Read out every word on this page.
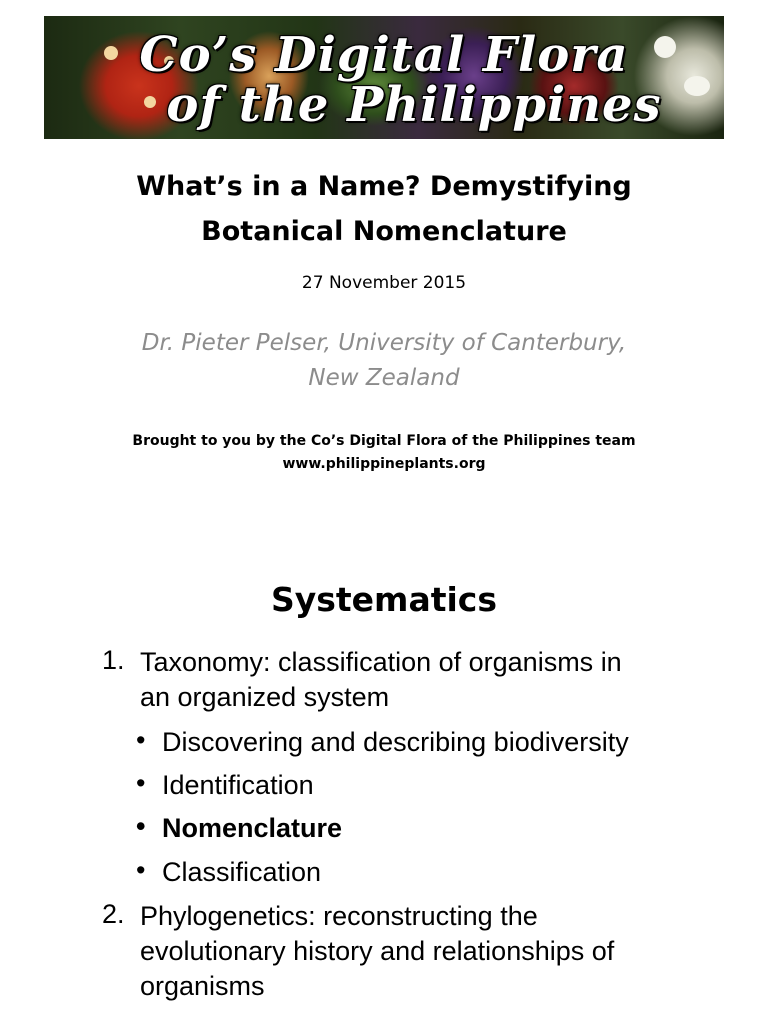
Co’s Digital Flora
of the Philippines
What’s in a Name? Demystifying
Botanical Nomenclature
27 November 2015
Dr. Pieter Pelser, University of Canterbury,
New Zealand
Brought to you by the Co’s Digital Flora of the Philippines team
www.philippineplants.org
Systematics
1. Taxonomy: classification of organisms in
an organized system
• Discovering and describing biodiversity
• Identification
• Nomenclature
• Classification
2. Phylogenetics: reconstructing the
evolutionary history and relationships of
organisms
